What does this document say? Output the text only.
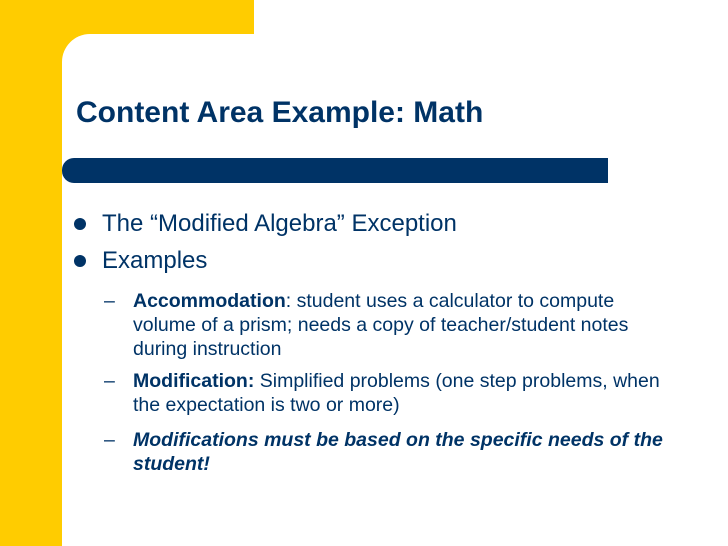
Content Area Example: Math
The “Modified Algebra” Exception
Examples
– Accommodation: student uses a calculator to compute volume of a prism; needs a copy of teacher/student notes during instruction
– Modification: Simplified problems (one step problems, when the expectation is two or more)
– Modifications must be based on the specific needs of the student!
